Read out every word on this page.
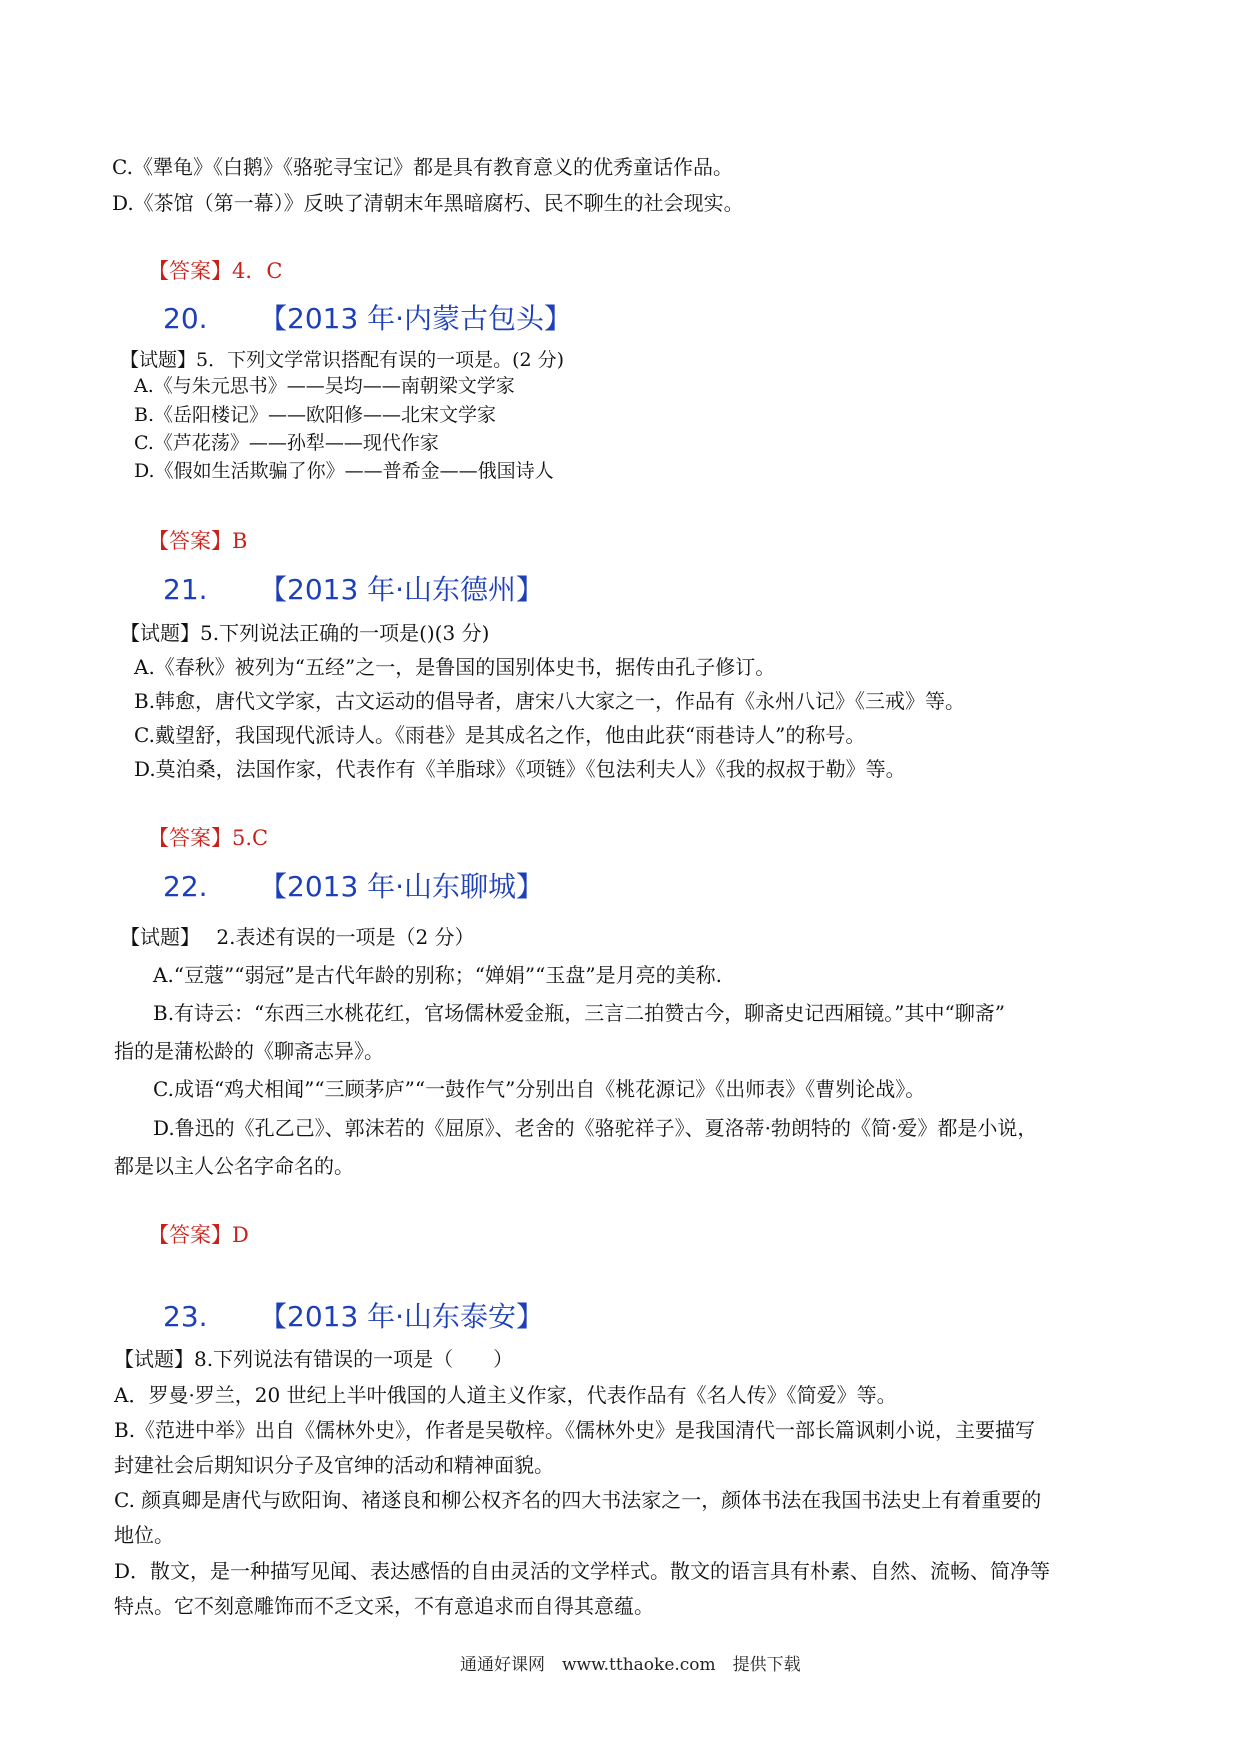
C.《犟龟》《白鹅》《骆驼寻宝记》都是具有教育意义的优秀童话作品。
D.《茶馆（第一幕）》反映了清朝末年黑暗腐朽、民不聊生的社会现实。
【答案】4．C
20. 【2013 年·内蒙古包头】
【试题】5．下列文学常识搭配有误的一项是。(2 分)
A.《与朱元思书》——吴均——南朝梁文学家
B.《岳阳楼记》——欧阳修——北宋文学家
C.《芦花荡》——孙犁——现代作家
D.《假如生活欺骗了你》——普希金——俄国诗人
【答案】B
21. 【2013 年·山东德州】
【试题】5.下列说法正确的一项是()(3 分)
A.《春秋》被列为“五经”之一，是鲁国的国别体史书，据传由孔子修订。
B.韩愈，唐代文学家，古文运动的倡导者，唐宋八大家之一，作品有《永州八记》《三戒》等。
C.戴望舒，我国现代派诗人。《雨巷》是其成名之作，他由此获“雨巷诗人”的称号。
D.莫泊桑，法国作家，代表作有《羊脂球》《项链》《包法利夫人》《我的叔叔于勒》等。
【答案】5.C
22. 【2013 年·山东聊城】
【试题】　 2.表述有误的一项是（2 分）
A.“豆蔻”“弱冠”是古代年龄的别称；“婵娟”“玉盘”是月亮的美称.
B.有诗云：“东西三水桃花红，官场儒林爱金瓶，三言二拍赞古今，聊斋史记西厢镜。”其中“聊斋”
指的是蒲松龄的《聊斋志异》。
C.成语“鸡犬相闻”“三顾茅庐”“一鼓作气”分别出自《桃花源记》《出师表》《曹刿论战》。
D.鲁迅的《孔乙己》、郭沫若的《屈原》、老舍的《骆驼祥子》、夏洛蒂·勃朗特的《简·爱》都是小说，
都是以主人公名字命名的。
【答案】D
23. 【2013 年·山东泰安】
【试题】8.下列说法有错误的一项是（　　）
A．罗曼·罗兰，20 世纪上半叶俄国的人道主义作家，代表作品有《名人传》《简爱》等。
B.《范进中举》出自《儒林外史》，作者是吴敬梓。《儒林外史》是我国清代一部长篇讽刺小说，主要描写
封建社会后期知识分子及官绅的活动和精神面貌。
C. 颜真卿是唐代与欧阳询、褚遂良和柳公权齐名的四大书法家之一，颜体书法在我国书法史上有着重要的
地位。
D．散文，是一种描写见闻、表达感悟的自由灵活的文学样式。散文的语言具有朴素、自然、流畅、简净等
特点。它不刻意雕饰而不乏文采，不有意追求而自得其意蕴。
通通好课网　www.tthaoke.com　提供下载
